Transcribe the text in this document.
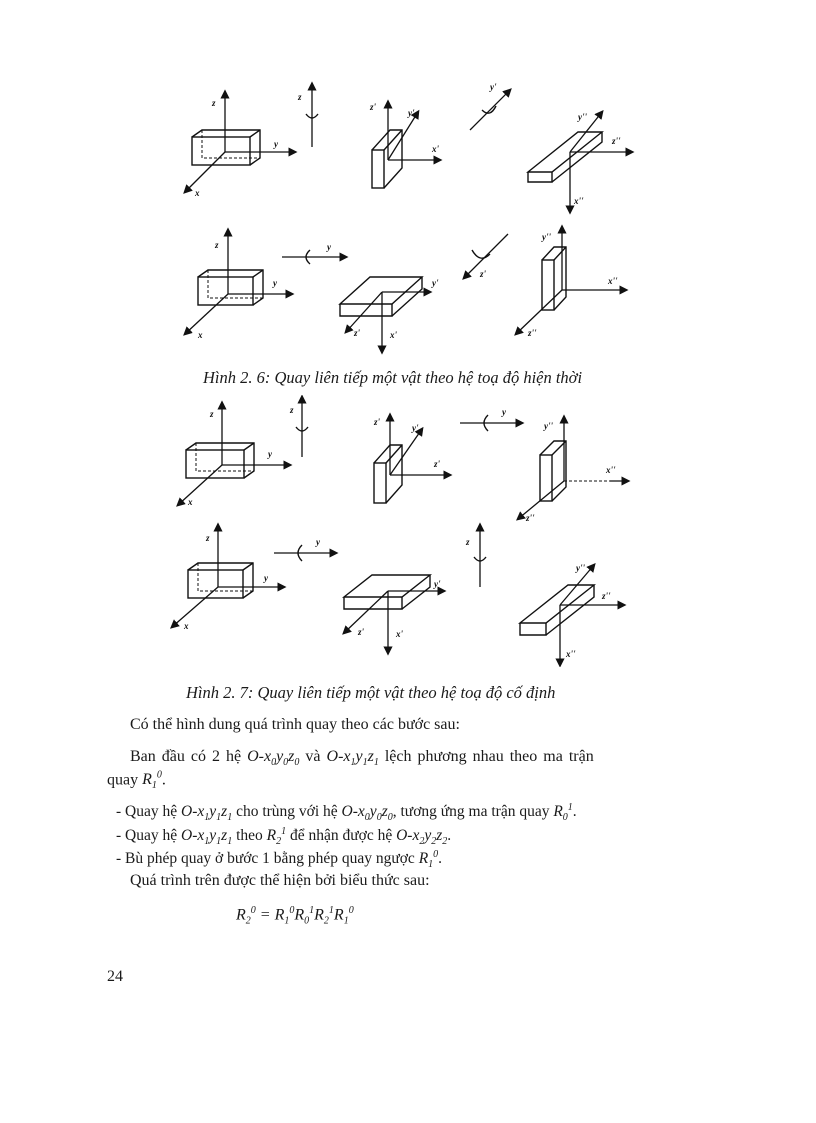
z
y
x
z
z'
y'
x'
y'
y''
z''
x''
z
y
x
y
y'
z'	x'
z'
y''
x''
z''
Hình 2. 6: Quay liên tiếp một vật theo hệ toạ độ hiện thời
z
y
x
z
z'
y'
z'
y
y''
x''
z''
z
y
x
y
y'
z'	x'
z
y''
z''
x''
Hình 2. 7: Quay liên tiếp một vật theo hệ toạ độ cố định
Có thể hình dung quá trình quay theo các bước sau:
Ban đầu có 2 hệ $O-x_0y_0z_0$ và $O-x_1y_1z_1$ lệch phương nhau theo ma trận
quay $R_1^0$.
- Quay hệ $O-x_1y_1z_1$ cho trùng với hệ $O-x_0y_0z_0$, tương ứng ma trận quay $R_0^1$.
- Quay hệ $O-x_1y_1z_1$ theo $R_2^1$ để nhận được hệ $O-x_2y_2z_2$.
- Bù phép quay ở bước 1 bằng phép quay ngược $R_1^0$.
Quá trình trên được thể hiện bởi biểu thức sau:
$R_2^0 = R_1^0R_0^1R_2^1R_1^0$
24
